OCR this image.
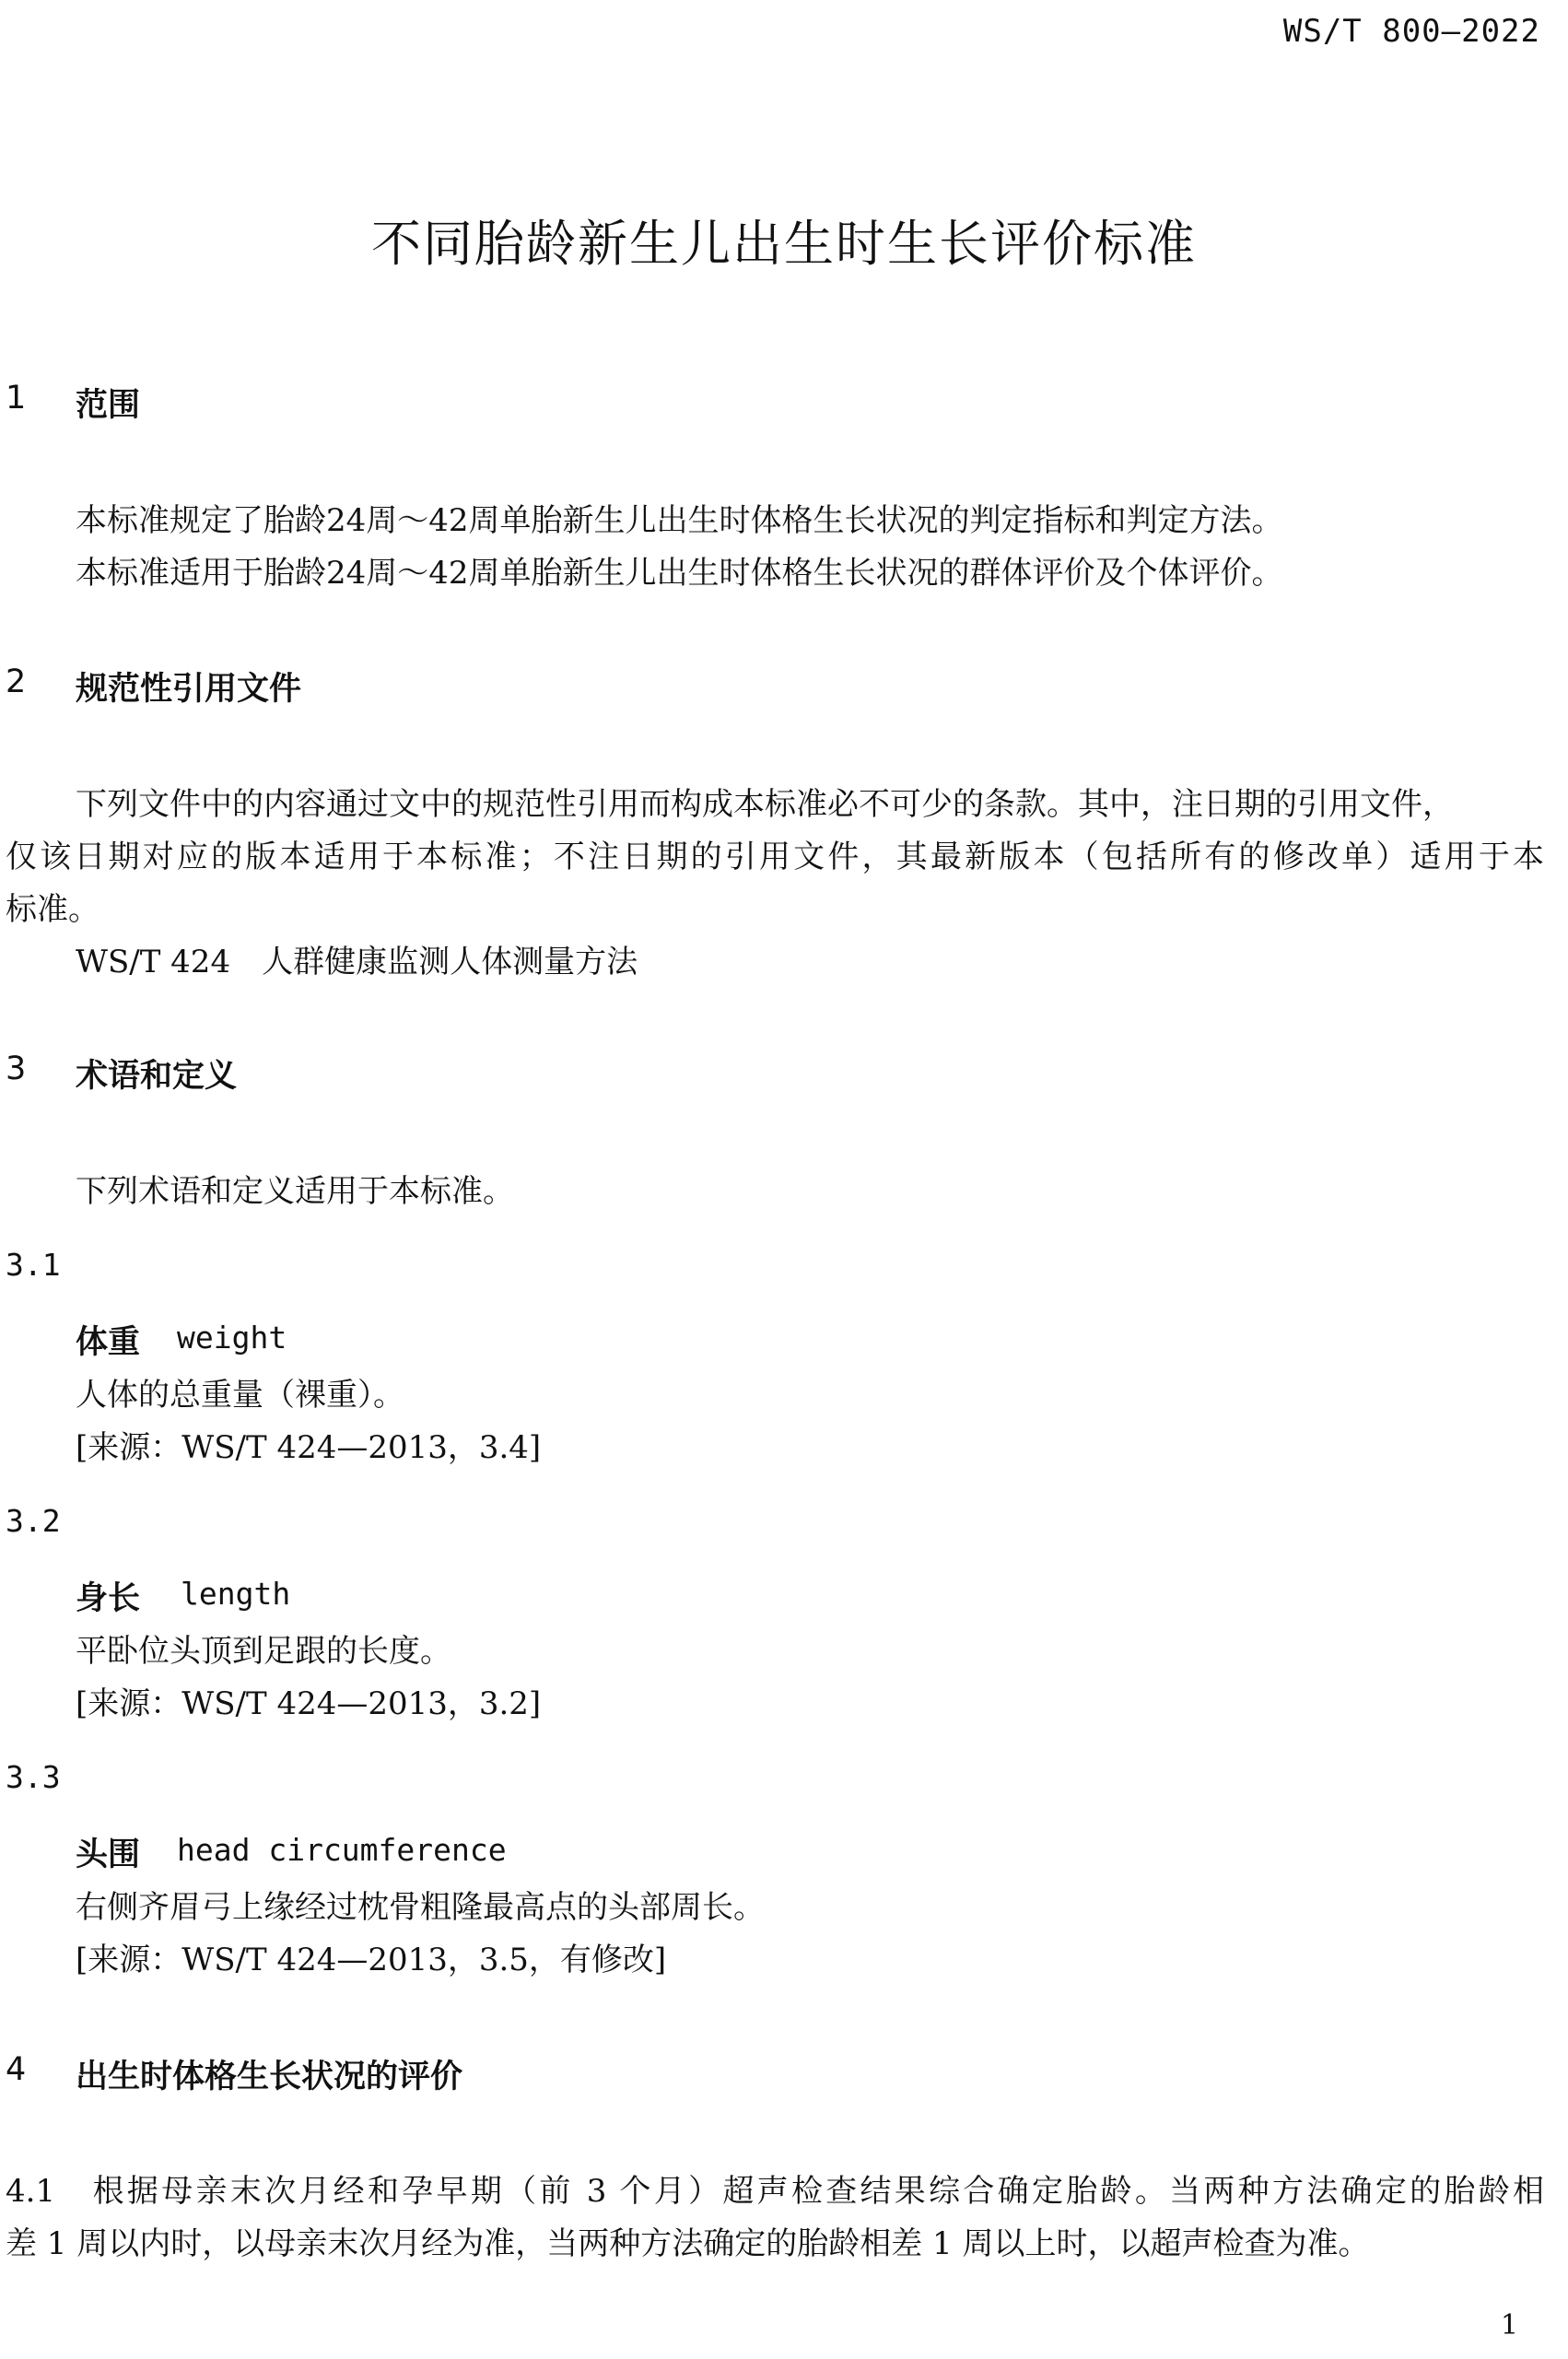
WS/T 800—2022
不同胎龄新生儿出生时生长评价标准
1 范围
本标准规定了胎龄24周～42周单胎新生儿出生时体格生长状况的判定指标和判定方法。
本标准适用于胎龄24周～42周单胎新生儿出生时体格生长状况的群体评价及个体评价。
2 规范性引用文件
下列文件中的内容通过文中的规范性引用而构成本标准必不可少的条款。其中，注日期的引用文件，
仅该日期对应的版本适用于本标准；不注日期的引用文件，其最新版本（包括所有的修改单）适用于本
标准。
WS/T 424　人群健康监测人体测量方法
3 术语和定义
下列术语和定义适用于本标准。
3.1
体重 weight
人体的总重量（裸重）。
[来源：WS/T 424—2013，3.4]
3.2
身长 length
平卧位头顶到足跟的长度。
[来源：WS/T 424—2013，3.2]
3.3
头围 head circumference
右侧齐眉弓上缘经过枕骨粗隆最高点的头部周长。
[来源：WS/T 424—2013，3.5，有修改]
4 出生时体格生长状况的评价
4.1　根据母亲末次月经和孕早期（前 3 个月）超声检查结果综合确定胎龄。当两种方法确定的胎龄相
差 1 周以内时，以母亲末次月经为准，当两种方法确定的胎龄相差 1 周以上时，以超声检查为准。
1
